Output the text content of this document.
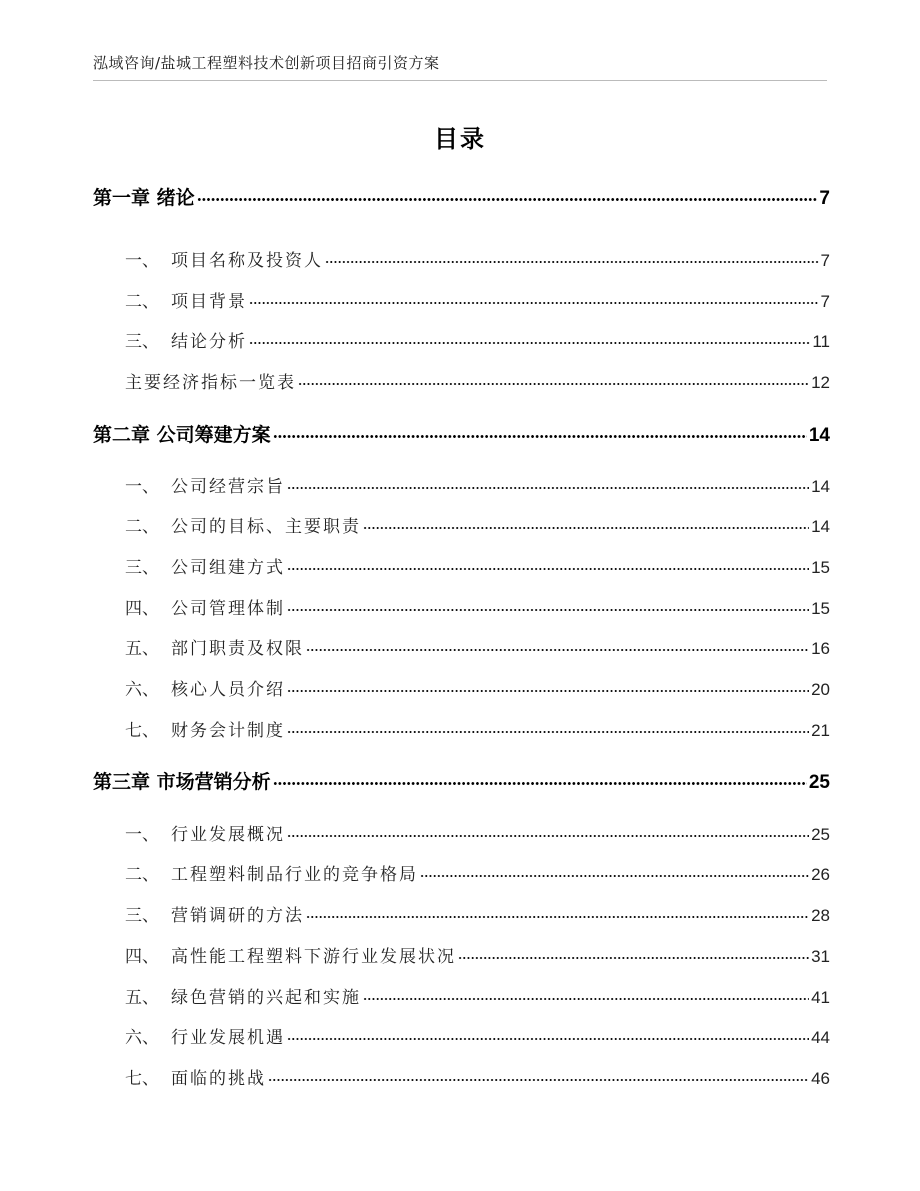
泓域咨询/盐城工程塑料技术创新项目招商引资方案
目录
第一章 绪论	7
一、 项目名称及投资人	7
二、 项目背景	7
三、 结论分析	11
主要经济指标一览表	12
第二章 公司筹建方案	14
一、 公司经营宗旨	14
二、 公司的目标、主要职责	14
三、 公司组建方式	15
四、 公司管理体制	15
五、 部门职责及权限	16
六、 核心人员介绍	20
七、 财务会计制度	21
第三章 市场营销分析	25
一、 行业发展概况	25
二、 工程塑料制品行业的竞争格局	26
三、 营销调研的方法	28
四、 高性能工程塑料下游行业发展状况	31
五、 绿色营销的兴起和实施	41
六、 行业发展机遇	44
七、 面临的挑战	46
